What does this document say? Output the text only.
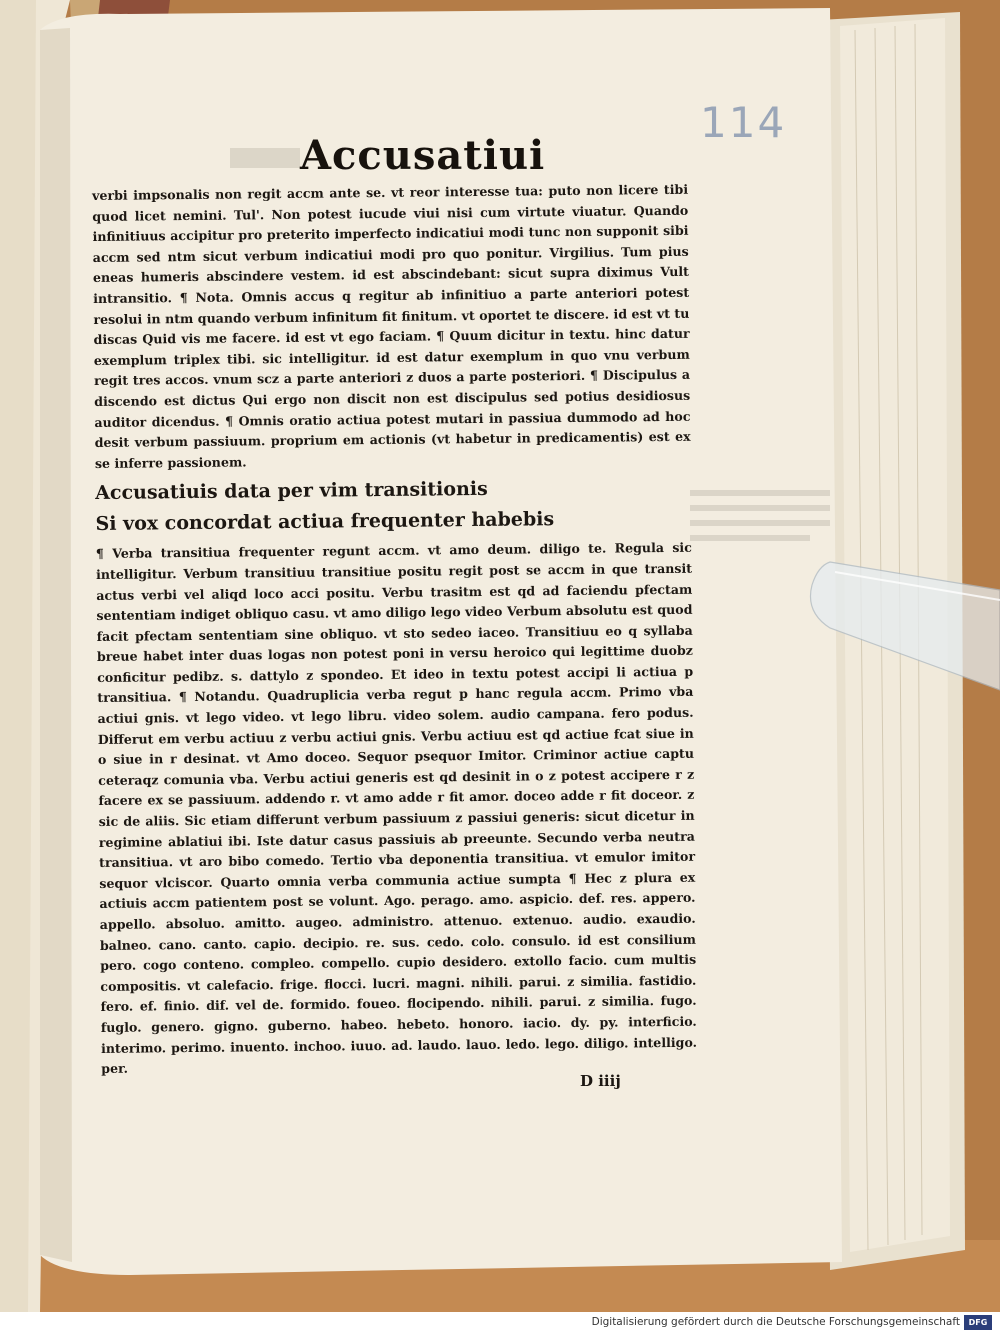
114
Accusatiui

verbi impsonalis non regit accm ante se. vt reor interesse tua: puto non licere tibi quod licet nemini. Tul'. Non potest iucude viui nisi cum virtute viuatur. Quando infinitiuus accipitur pro preterito imperfecto indicatiui modi tunc non supponit sibi accm sed ntm sicut verbum indicatiui modi pro quo ponitur. Virgilius. Tum pius eneas humeris abscindere vestem. id est abscindebant: sicut supra diximus Vult intransitio. ¶ Nota. Omnis accus q regitur ab infinitiuo a parte anteriori potest resolui in ntm quando verbum infinitum fit finitum. vt oportet te discere. id est vt tu discas Quid vis me facere. id est vt ego faciam. ¶ Quum dicitur in textu. hinc datur exemplum triplex tibi. sic intelligitur. id est datur exemplum in quo vnu verbum regit tres accos. vnum scz a parte anteriori z duos a parte posteriori. ¶ Discipulus a discendo est dictus Qui ergo non discit non est discipulus sed potius desidiosus auditor dicendus. ¶ Omnis oratio actiua potest mutari in passiua dummodo ad hoc desit verbum passiuum. proprium em actionis (vt habetur in predicamentis) est ex se inferre passionem.

Accusatiuis data per vim transitionis

Si vox concordat actiua frequenter habebis

¶ Verba transitiua frequenter regunt accm. vt amo deum. diligo te. Regula sic intelligitur. Verbum transitiuu transitiue positu regit post se accm in que transit actus verbi vel aliqd loco acci positu. Verbu trasitm est qd ad faciendu pfectam sententiam indiget obliquo casu. vt amo diligo lego video Verbum absolutu est quod facit pfectam sententiam sine obliquo. vt sto sedeo iaceo. Transitiuu eo q syllaba breue habet inter duas logas non potest poni in versu heroico qui legittime duobz conficitur pedibz. s. dattylo z spondeo. Et ideo in textu potest accipi li actiua p transitiua. ¶ Notandu. Quadruplicia verba regut p hanc regula accm. Primo vba actiui gnis. vt lego video. vt lego libru. video solem. audio campana. fero podus. Differut em verbu actiuu z verbu actiui gnis. Verbu actiuu est qd actiue fcat siue in o siue in r desinat. vt Amo doceo. Sequor psequor Imitor. Criminor actiue captu ceteraqz comunia vba. Verbu actiui generis est qd desinit in o z potest accipere r z facere ex se passiuum. addendo r. vt amo adde r fit amor. doceo adde r fit doceor. z sic de aliis. Sic etiam differunt verbum passiuum z passiui generis: sicut dicetur in regimine ablatiui ibi. Iste datur casus passiuis ab preeunte. Secundo verba neutra transitiua. vt aro bibo comedo. Tertio vba deponentia transitiua. vt emulor imitor sequor vlciscor. Quarto omnia verba communia actiue sumpta ¶ Hec z plura ex actiuis accm patientem post se volunt. Ago. perago. amo. aspicio. def. res. appero. appello. absoluo. amitto. augeo. administro. attenuo. extenuo. audio. exaudio. balneo. cano. canto. capio. decipio. re. sus. cedo. colo. consulo. id est consilium pero. cogo conteno. compleo. compello. cupio desidero. extollo facio. cum multis compositis. vt calefacio. frige. flocci. lucri. magni. nihili. parui. z similia. fastidio. fero. ef. finio. dif. vel de. formido. foueo. flocipendo. nihili. parui. z similia. fugo. fuglo. genero. gigno. guberno. habeo. hebeto. honoro. iacio. dy. py. interficio. interimo. perimo. inuento. inchoo. iuuo. ad. laudo. lauo. ledo. lego. diligo. intelligo. per.

D iiij
Digitalisierung gefördert durch die Deutsche Forschungsgemeinschaft	DFG
